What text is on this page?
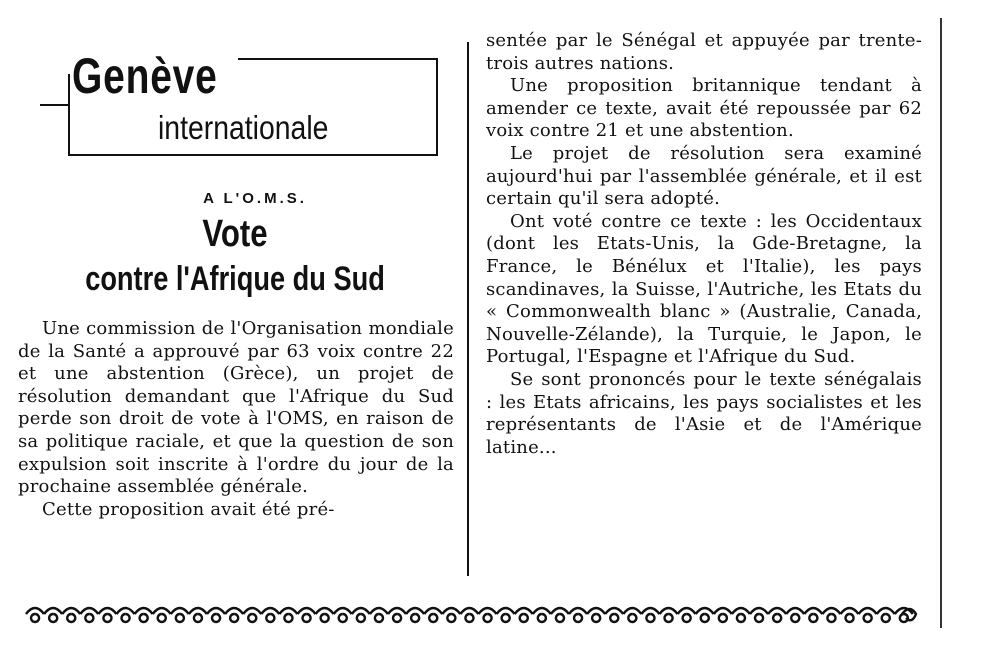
Genève
internationale
A L'O.M.S.
Vote
contre l'Afrique du Sud

Une commission de l'Organisation mondiale de la Santé a approuvé par 63 voix contre 22 et une abstention (Grèce), un projet de résolution demandant que l'Afrique du Sud perde son droit de vote à l'OMS, en raison de sa politique raciale, et que la question de son expulsion soit inscrite à l'ordre du jour de la prochaine assemblée générale.

Cette proposition avait été pré-

sentée par le Sénégal et appuyée par trente-trois autres nations.

Une proposition britannique tendant à amender ce texte, avait été repoussée par 62 voix contre 21 et une abstention.

Le projet de résolution sera examiné aujourd'hui par l'assemblée générale, et il est certain qu'il sera adopté.

Ont voté contre ce texte : les Occidentaux (dont les Etats-Unis, la Gde-Bretagne, la France, le Bénélux et l'Italie), les pays scandinaves, la Suisse, l'Autriche, les Etats du « Commonwealth blanc » (Australie, Canada, Nouvelle-Zélande), la Turquie, le Japon, le Portugal, l'Espagne et l'Afrique du Sud.

Se sont prononcés pour le texte sénégalais : les Etats africains, les pays socialistes et les représentants de l'Asie et de l'Amérique latine...
